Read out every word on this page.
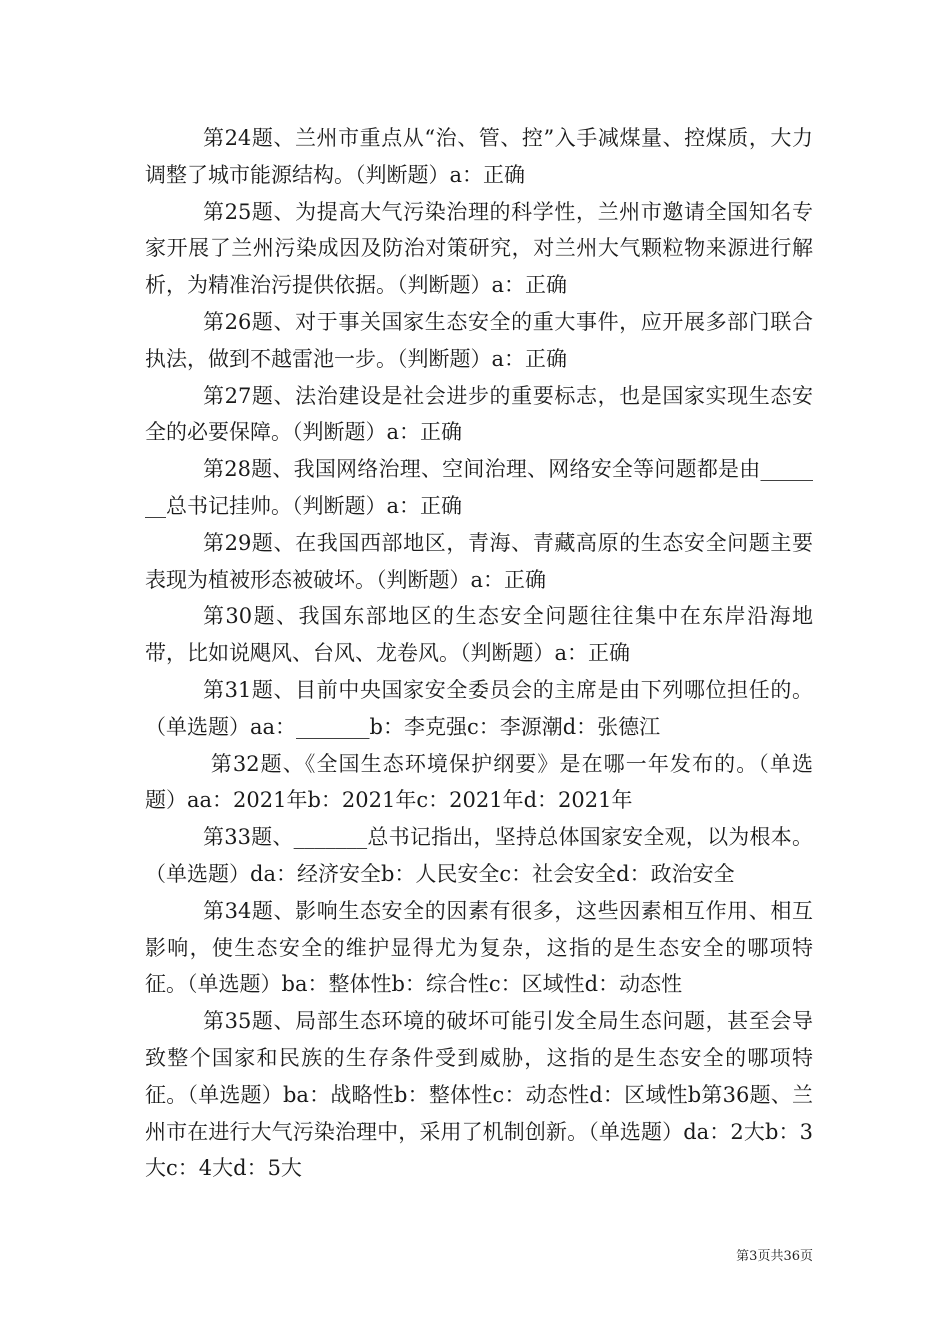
第24题、兰州市重点从“治、管、控”入手减煤量、控煤质，大力调整了城市能源结构。（判断题）a：正确

第25题、为提高大气污染治理的科学性，兰州市邀请全国知名专家开展了兰州污染成因及防治对策研究，对兰州大气颗粒物来源进行解析，为精准治污提供依据。（判断题）a：正确

第26题、对于事关国家生态安全的重大事件，应开展多部门联合执法，做到不越雷池一步。（判断题）a：正确

第27题、法治建设是社会进步的重要标志，也是国家实现生态安全的必要保障。（判断题）a：正确

第28题、我国网络治理、空间治理、网络安全等问题都是由_______总书记挂帅。（判断题）a：正确

第29题、在我国西部地区，青海、青藏高原的生态安全问题主要表现为植被形态被破坏。（判断题）a：正确

第30题、我国东部地区的生态安全问题往往集中在东岸沿海地带，比如说飓风、台风、龙卷风。（判断题）a：正确

第31题、目前中央国家安全委员会的主席是由下列哪位担任的。（单选题）aa：_______b：李克强c：李源潮d：张德江

第32题、《全国生态环境保护纲要》是在哪一年发布的。（单选题）aa：2021年b：2021年c：2021年d：2021年

第33题、_______总书记指出，坚持总体国家安全观，以为根本。（单选题）da：经济安全b：人民安全c：社会安全d：政治安全

第34题、影响生态安全的因素有很多，这些因素相互作用、相互影响，使生态安全的维护显得尤为复杂，这指的是生态安全的哪项特征。（单选题）ba：整体性b：综合性c：区域性d：动态性

第35题、局部生态环境的破坏可能引发全局生态问题，甚至会导致整个国家和民族的生存条件受到威胁，这指的是生态安全的哪项特征。（单选题）ba：战略性b：整体性c：动态性d：区域性b第36题、兰州市在进行大气污染治理中，采用了机制创新。（单选题）da：2大b：3大c：4大d：5大

第3页共36页
